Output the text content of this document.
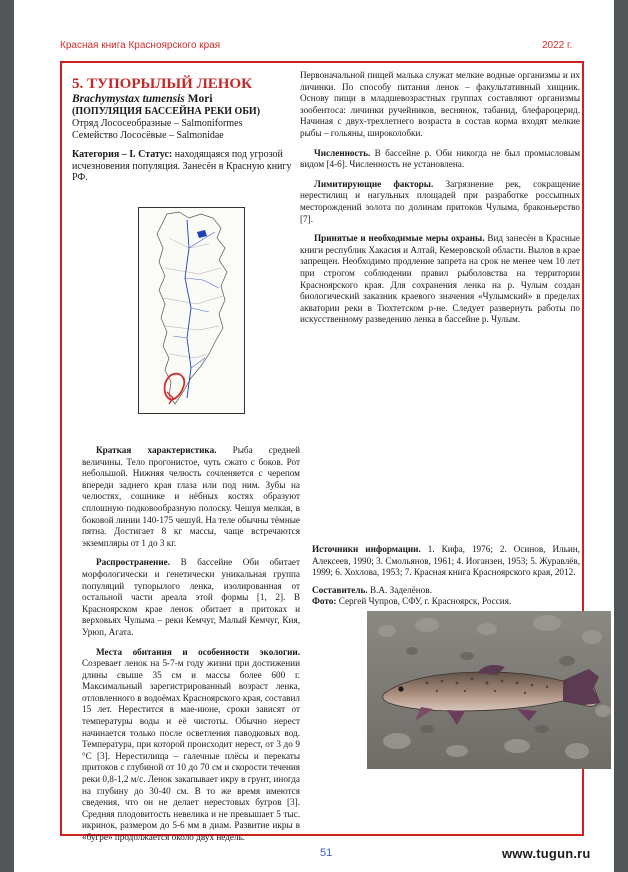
Красная книга Красноярского края	2022 г.

5. ТУПОРЫЛЫЙ ЛЕНОК

Brachymystax tumensis Mori

(ПОПУЛЯЦИЯ БАССЕЙНА РЕКИ ОБИ)

Отряд Лососеобразные – Salmoniformes

Семейство Лососёвые – Salmonidae

Категория – I. Статус: находящаяся под угрозой исчезновения популяция. Занесён в Красную книгу РФ.

Краткая характеристика. Рыба средней величины. Тело прогонистое, чуть сжато с боков. Рот небольшой. Нижняя челюсть сочленяется с черепом впереди заднего края глаза или под ним. Зубы на челюстях, сошнике и нёбных костях образуют сплошную подковообразную полоску. Чешуя мелкая, в боковой линии 140-175 чешуй. На теле обычны тёмные пятна. Достигает 8 кг массы, чаще встречаются экземпляры от 1 до 3 кг.

Распространение. В бассейне Оби обитает морфологически и генетически уникальная группа популяций тупорылого ленка, изолированная от остальной части ареала этой формы [1, 2]. В Красноярском крае ленок обитает в притоках и верховьях Чулыма – реки Кемчуг, Малый Кемчуг, Кия, Урюп, Агата.

Места обитания и особенности экологии. Созревает ленок на 5-7-м году жизни при достижении длины свыше 35 см и массы более 600 г. Максимальный зарегистрированный возраст ленка, отловленного в водоёмах Красноярского края, составил 15 лет. Нерестится в мае-июне, сроки зависят от температуры воды и её чистоты. Обычно нерест начинается только после осветления паводковых вод. Температура, при которой происходит нерест, от 3 до 9 °С [3]. Нерестилища – галечные плёсы и перекаты притоков с глубиной от 10 до 70 см и скорости течения реки 0,8-1,2 м/с. Ленок закапывает икру в грунт, иногда на глубину до 30-40 см. В то же время имеются сведения, что он не делает нерестовых бугров [3]. Средняя плодовитость невелика и не превышает 5 тыс. икринок, размером до 5-6 мм в диам. Развитие икры в «бугре» продолжается около двух недель.

Первоначальной пищей малька служат мелкие водные организмы и их личинки. По способу питания ленок – факультативный хищник. Основу пищи в младшевозрастных группах составляют организмы зообентоса: личинки ручейников, веснянок, табанид, блефароцерид. Начиная с двух-трехлетнего возраста в состав корма входят мелкие рыбы – гольяны, широколобки.

Численность. В бассейне р. Оби никогда не был промысловым видом [4-6]. Численность не установлена.

Лимитирующие факторы. Загрязнение рек, сокращение нерестилищ и нагульных площадей при разработке россыпных месторождений золота по долинам притоков Чулыма, браконьерство [7].

Принятые и необходимые меры охраны. Вид занесён в Красные книги республик Хакасия и Алтай, Кемеровской области. Вылов в крае запрещен. Необходимо продление запрета на срок не менее чем 10 лет при строгом соблюдении правил рыболовства на территории Красноярского края. Для сохранения ленка на р. Чулым создан биологический заказник краевого значения «Чулымский» в пределах акватории реки в Тюхтетском р-не. Следует развернуть работы по искусственному разведению ленка в бассейне р. Чулым.

Источники информации. 1. Кифа, 1976; 2. Осинов, Ильин, Алексеев, 1990; 3. Смольянов, 1961; 4. Иоганзен, 1953; 5. Журавлёв, 1999; 6. Хохлова, 1953; 7. Красная книга Красноярского края, 2012.

Составитель. В.А. Заделёнов.

Фото: Сергей Чупров, СФУ, г. Красноярск, Россия.

51	www.tugun.ru
